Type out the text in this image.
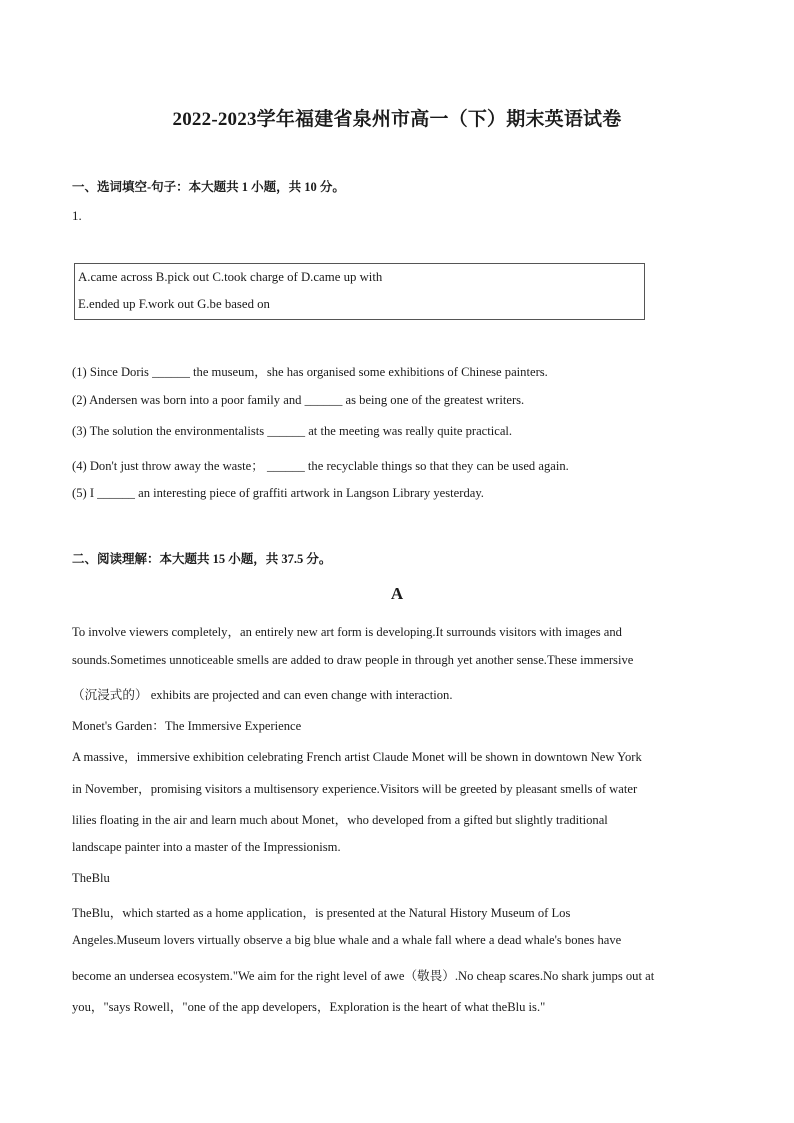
2022-2023学年福建省泉州市高一（下）期末英语试卷
一、选词填空-句子：本大题共 1 小题，共 10 分。
1.
A.came across B.pick out C.took charge of D.came up with
E.ended up F.work out G.be based on
(1) Since Doris ______ the museum，she has organised some exhibitions of Chinese painters.
(2) Andersen was born into a poor family and ______ as being one of the greatest writers.
(3) The solution the environmentalists ______ at the meeting was really quite practical.
(4) Don't just throw away the waste； ______ the recyclable things so that they can be used again.
(5) I ______ an interesting piece of graffiti artwork in Langson Library yesterday.
二、阅读理解：本大题共 15 小题，共 37.5 分。
A
To involve viewers completely，an entirely new art form is developing.It surrounds visitors with images and
sounds.Sometimes unnoticeable smells are added to draw people in through yet another sense.These immersive
（沉浸式的） exhibits are projected and can even change with interaction.
Monet's Garden：The Immersive Experience
A massive，immersive exhibition celebrating French artist Claude Monet will be shown in downtown New York
in November，promising visitors a multisensory experience.Visitors will be greeted by pleasant smells of water
lilies floating in the air and learn much about Monet，who developed from a gifted but slightly traditional
landscape painter into a master of the Impressionism.
TheBlu
TheBlu，which started as a home application，is presented at the Natural History Museum of Los
Angeles.Museum lovers virtually observe a big blue whale and a whale fall where a dead whale's bones have
become an undersea ecosystem."We aim for the right level of awe（敬畏）.No cheap scares.No shark jumps out at
you，"says Rowell，"one of the app developers，Exploration is the heart of what theBlu is."
